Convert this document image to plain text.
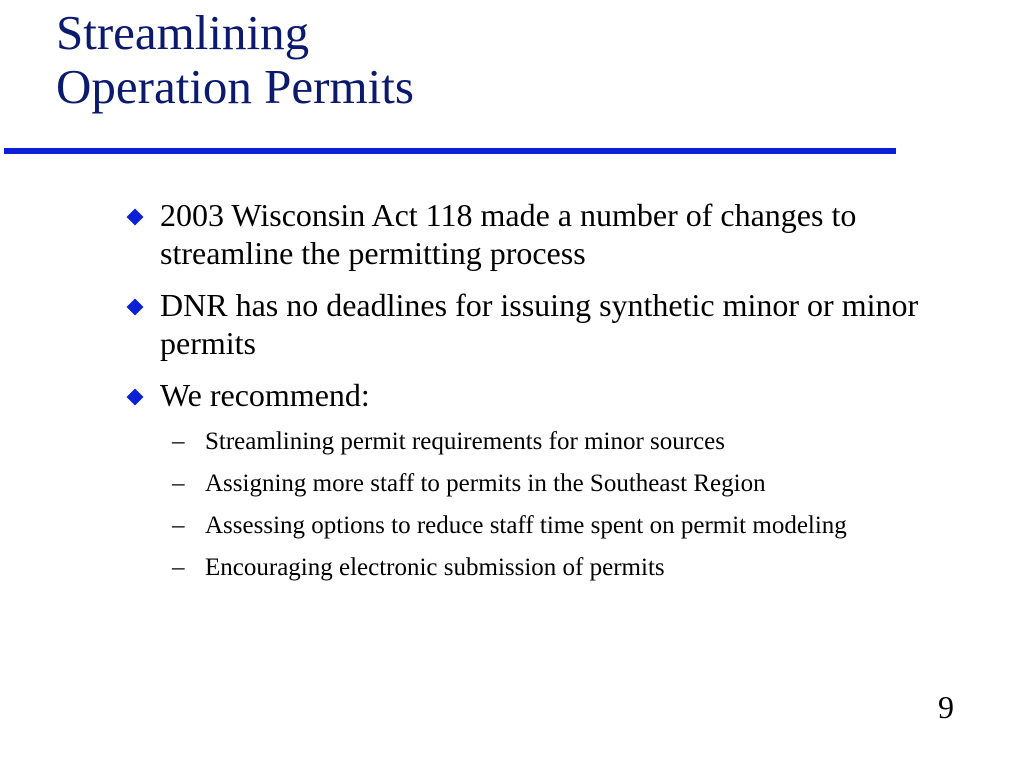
Streamlining
Operation Permits
2003 Wisconsin Act 118 made a number of changes to streamline the permitting process
DNR has no deadlines for issuing synthetic minor or minor permits
We recommend:
– Streamlining permit requirements for minor sources
– Assigning more staff to permits in the Southeast Region
– Assessing options to reduce staff time spent on permit modeling
– Encouraging electronic submission of permits
9
